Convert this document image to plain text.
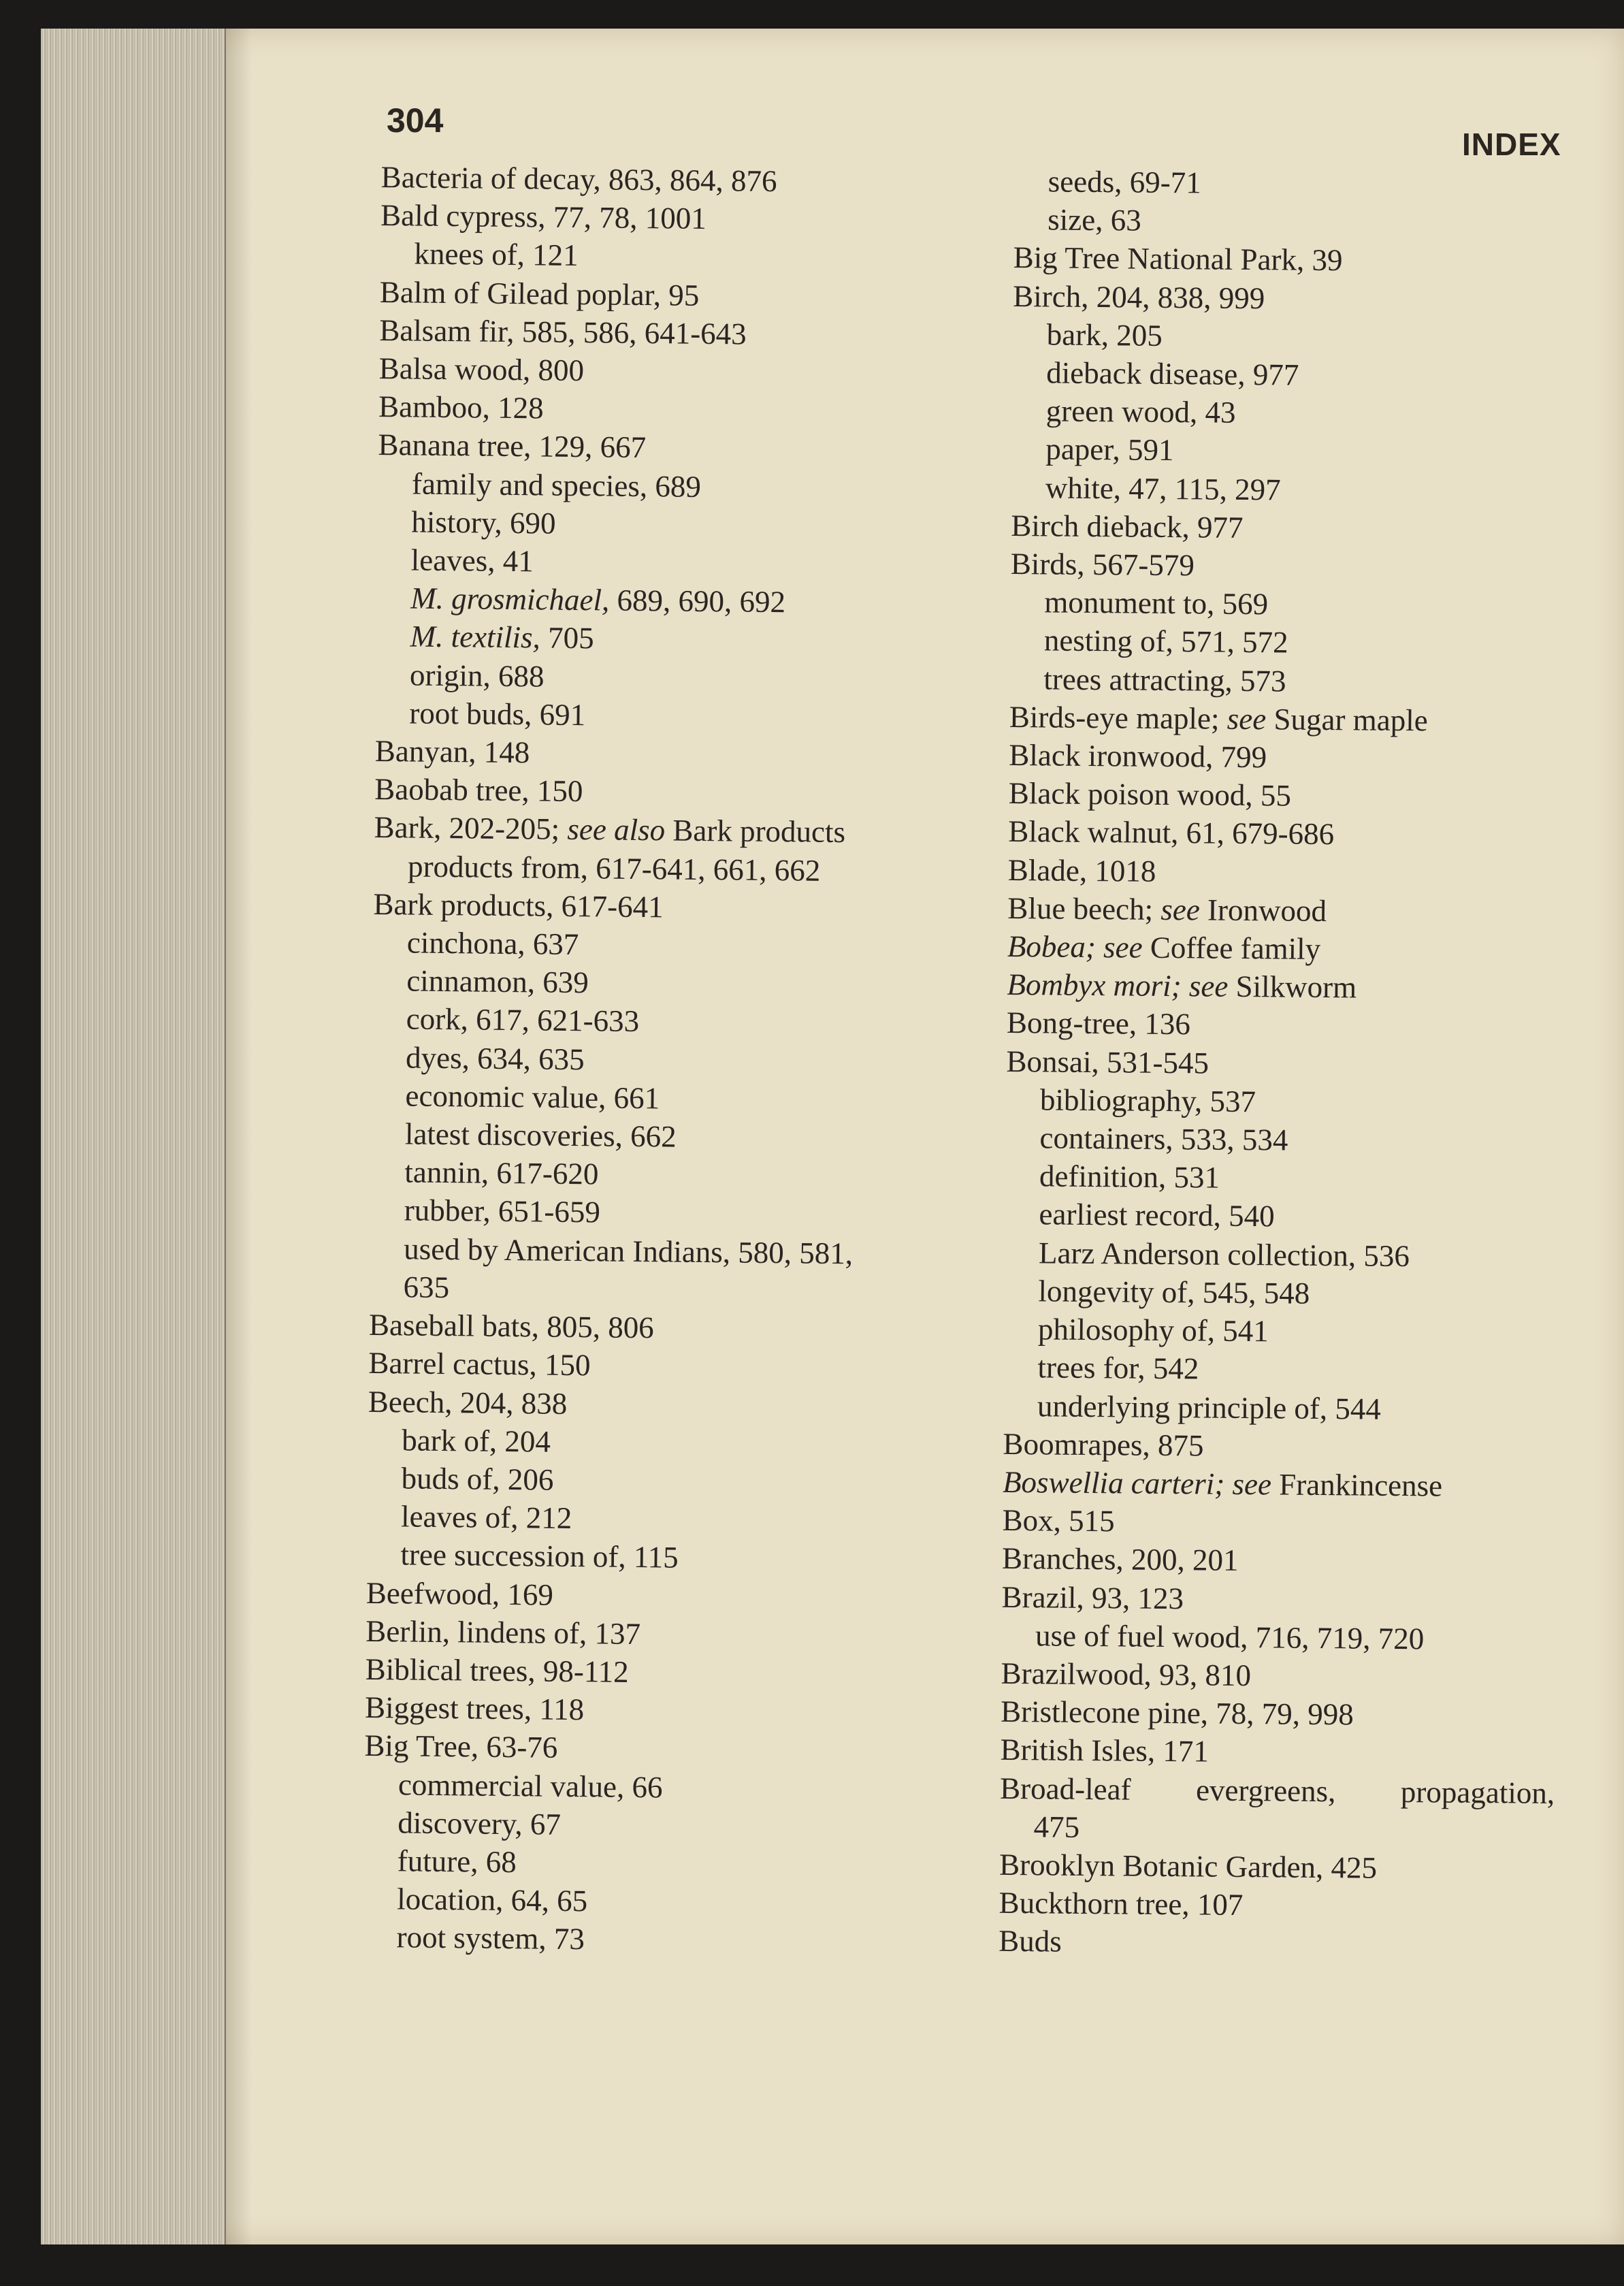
304
INDEX
Bacteria of decay, 863, 864, 876
Bald cypress, 77, 78, 1001
knees of, 121
Balm of Gilead poplar, 95
Balsam fir, 585, 586, 641-643
Balsa wood, 800
Bamboo, 128
Banana tree, 129, 667
family and species, 689
history, 690
leaves, 41
M. grosmichael, 689, 690, 692
M. textilis, 705
origin, 688
root buds, 691
Banyan, 148
Baobab tree, 150
Bark, 202-205; see also Bark products
products from, 617-641, 661, 662
Bark products, 617-641
cinchona, 637
cinnamon, 639
cork, 617, 621-633
dyes, 634, 635
economic value, 661
latest discoveries, 662
tannin, 617-620
rubber, 651-659
used by American Indians, 580, 581,
635
Baseball bats, 805, 806
Barrel cactus, 150
Beech, 204, 838
bark of, 204
buds of, 206
leaves of, 212
tree succession of, 115
Beefwood, 169
Berlin, lindens of, 137
Biblical trees, 98-112
Biggest trees, 118
Big Tree, 63-76
commercial value, 66
discovery, 67
future, 68
location, 64, 65
root system, 73
seeds, 69-71
size, 63
Big Tree National Park, 39
Birch, 204, 838, 999
bark, 205
dieback disease, 977
green wood, 43
paper, 591
white, 47, 115, 297
Birch dieback, 977
Birds, 567-579
monument to, 569
nesting of, 571, 572
trees attracting, 573
Birds-eye maple; see Sugar maple
Black ironwood, 799
Black poison wood, 55
Black walnut, 61, 679-686
Blade, 1018
Blue beech; see Ironwood
Bobea; see Coffee family
Bombyx mori; see Silkworm
Bong-tree, 136
Bonsai, 531-545
bibliography, 537
containers, 533, 534
definition, 531
earliest record, 540
Larz Anderson collection, 536
longevity of, 545, 548
philosophy of, 541
trees for, 542
underlying principle of, 544
Boomrapes, 875
Boswellia carteri; see Frankincense
Box, 515
Branches, 200, 201
Brazil, 93, 123
use of fuel wood, 716, 719, 720
Brazilwood, 93, 810
Bristlecone pine, 78, 79, 998
British Isles, 171
Broad-leaf evergreens, propagation,
475
Brooklyn Botanic Garden, 425
Buckthorn tree, 107
Buds
